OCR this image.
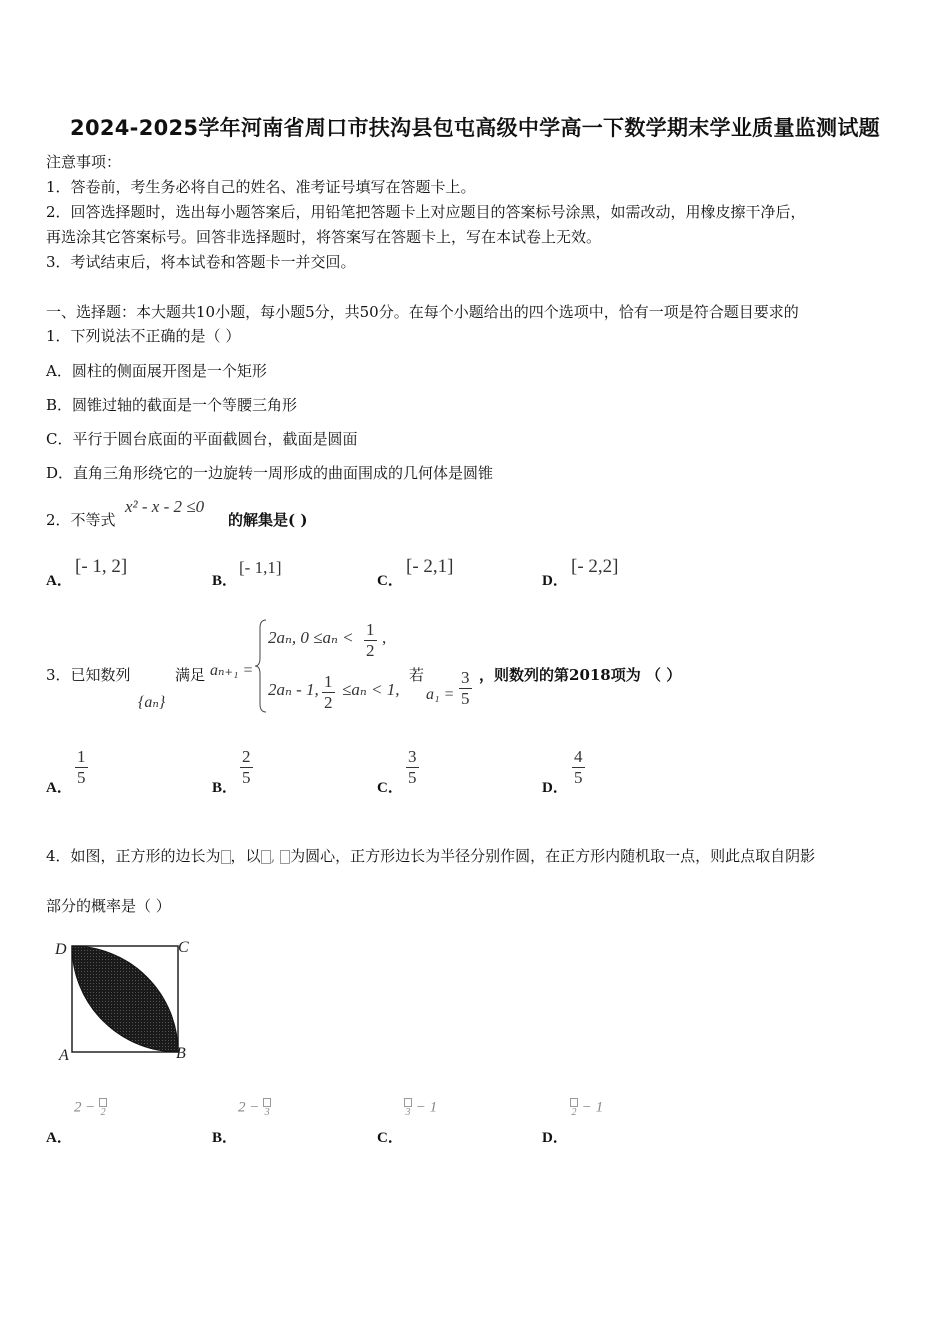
2024-2025学年河南省周口市扶沟县包屯高级中学高一下数学期末学业质量监测试题
注意事项：
1．答卷前，考生务必将自己的姓名、准考证号填写在答题卡上。
2．回答选择题时，选出每小题答案后，用铅笔把答题卡上对应题目的答案标号涂黑，如需改动，用橡皮擦干净后，
再选涂其它答案标号。回答非选择题时，将答案写在答题卡上，写在本试卷上无效。
3．考试结束后，将本试卷和答题卡一并交回。
一、选择题：本大题共10小题，每小题5分，共50分。在每个小题给出的四个选项中，恰有一项是符合题目要求的
1．下列说法不正确的是（ ）
A．圆柱的侧面展开图是一个矩形
B．圆锥过轴的截面是一个等腰三角形
C．平行于圆台底面的平面截圆台，截面是圆面
D．直角三角形绕它的一边旋转一周形成的曲面围成的几何体是圆锥
2．不等式
x² - x - 2 ≤0
的解集是( )
A．
[- 1, 2]
B．
[- 1,1]
C．
[- 2,1]
D．
[- 2,2]
3．已知数列
{aₙ}
满足 aₙ₊₁ =
2aₙ, $0 \le a_n < \frac{1}{2}$ ,
2aₙ - 1, $\frac{1}{2} \le a_n < 1$,
若
$a_1 = \frac{3}{5}$ ，则数列的第2018项为 （ ）
A． $\frac{1}{5}$	B． $\frac{2}{5}$	C． $\frac{3}{5}$	D． $\frac{4}{5}$
4．如图，正方形的边长为 ，以 , 为圆心，正方形边长为半径分别作圆，在正方形内随机取一点，则此点取自阴影
部分的概率是（ ）
D	C
A	B
A．
2 −
2
B．
2 −
3
C．

3 − 1
D．

2 − 1
